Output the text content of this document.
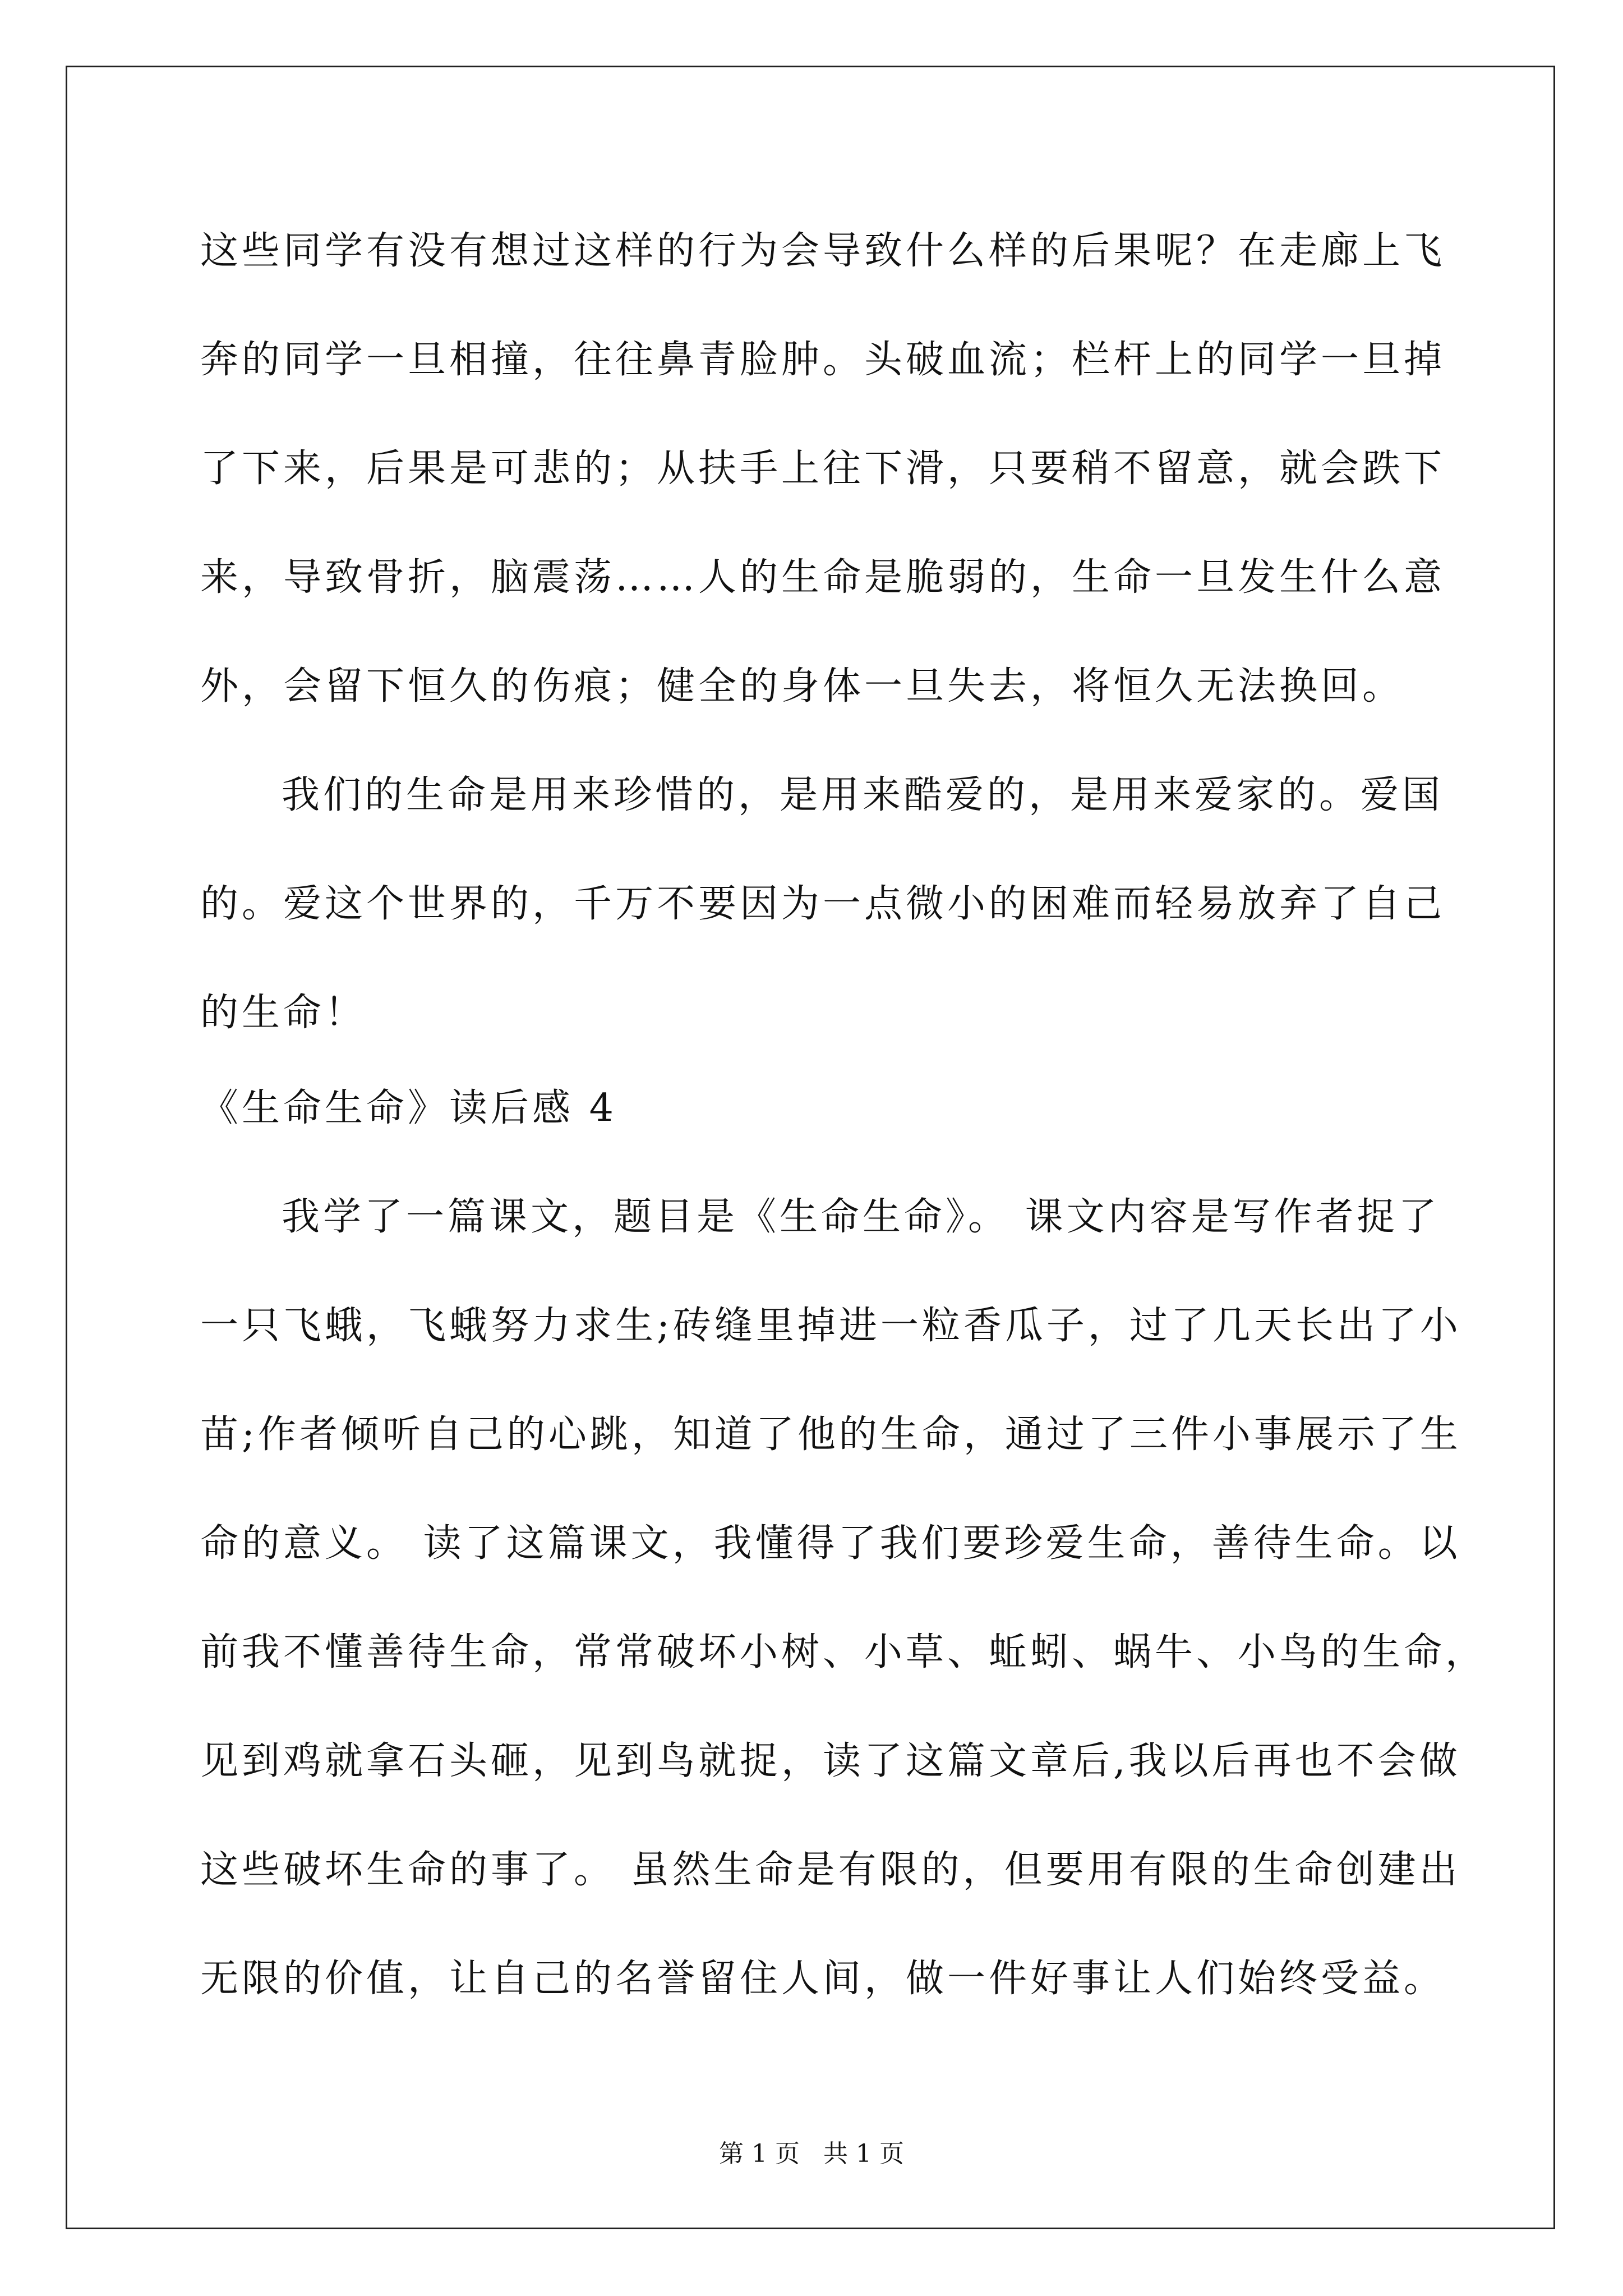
这些同学有没有想过这样的行为会导致什么样的后果呢？在走廊上飞
奔的同学一旦相撞，往往鼻青脸肿。头破血流；栏杆上的同学一旦掉
了下来，后果是可悲的；从扶手上往下滑，只要稍不留意，就会跌下
来，导致骨折，脑震荡……人的生命是脆弱的，生命一旦发生什么意
外，会留下恒久的伤痕；健全的身体一旦失去，将恒久无法换回。
我们的生命是用来珍惜的，是用来酷爱的，是用来爱家的。爱国
的。爱这个世界的，千万不要因为一点微小的困难而轻易放弃了自己
的生命！
《生命生命》读后感 4
我学了一篇课文，题目是《生命生命》。 课文内容是写作者捉了
一只飞蛾，飞蛾努力求生;砖缝里掉进一粒香瓜子，过了几天长出了小
苗;作者倾听自己的心跳，知道了他的生命，通过了三件小事展示了生
命的意义。 读了这篇课文，我懂得了我们要珍爱生命，善待生命。以
前我不懂善待生命，常常破坏小树、小草、蚯蚓、蜗牛、小鸟的生命，
见到鸡就拿石头砸，见到鸟就捉，读了这篇文章后,我以后再也不会做
这些破坏生命的事了。 虽然生命是有限的，但要用有限的生命创建出
无限的价值，让自己的名誉留住人间，做一件好事让人们始终受益。
第 1 页   共 1 页
